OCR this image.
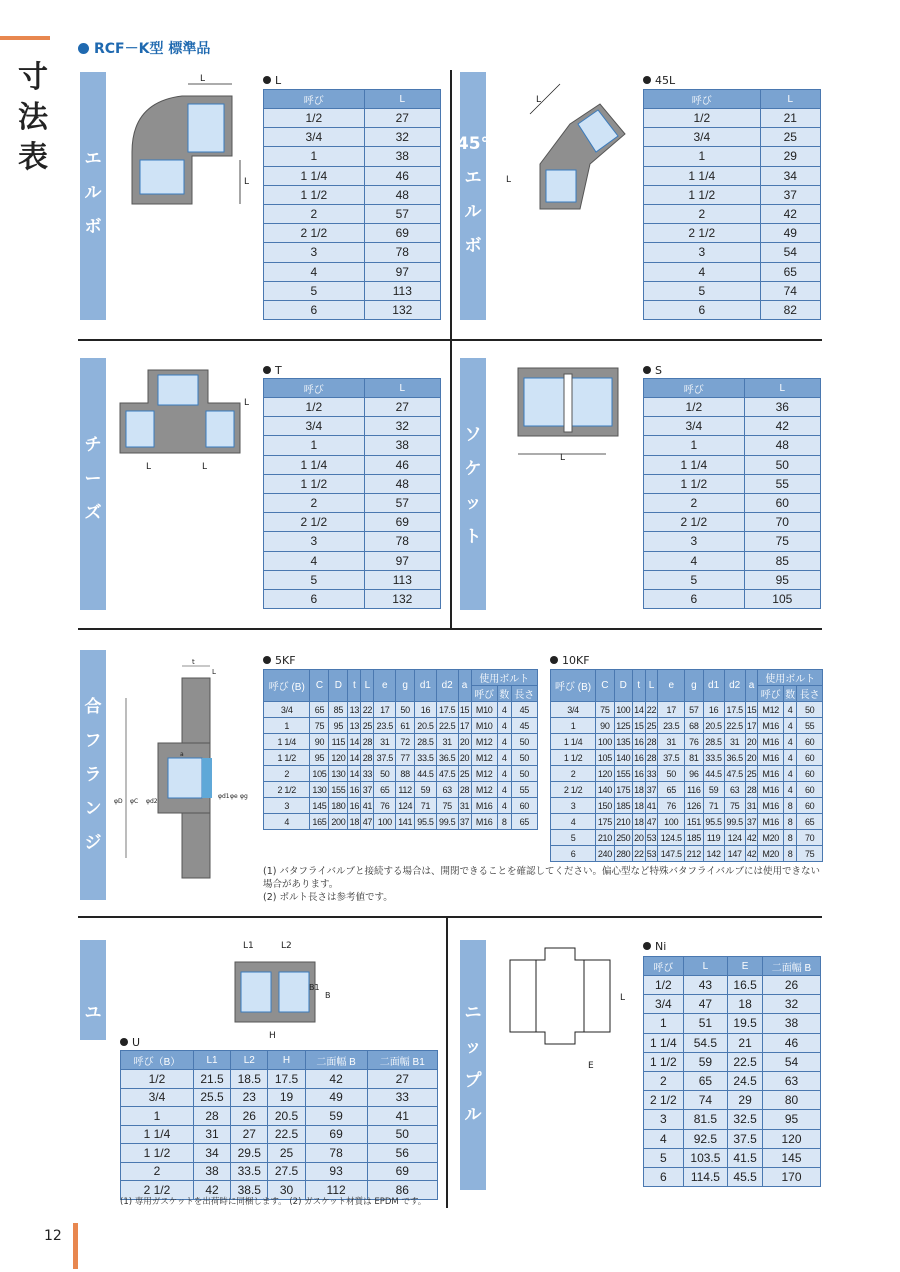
寸法表
RCF－K型 標準品
エ
ル
ボ
45°
エ
ル
ボ
チ
ー
ズ
ソ
ケ
ッ
ト
合
フ
ラ
ン
ジ
ユ
ニ
オ
ン
ニ
ッ
プ
ル
L
L	L
L
L	L
L
L
t
L
φD φC φd2
φd1 φe φg
a
L1	L2
H
B1
B	L
E
L	45L
T	S
5KF	10KF
U
Ni
呼び	L
1/2	27
3/4	32
1	38
1 1/4	46
1 1/2	48
2	57
2 1/2	69
3	78
4	97
5	113
6	132
呼び	L
1/2	21
3/4	25
1	29
1 1/4	34
1 1/2	37
2	42
2 1/2	49
3	54
4	65
5	74
6	82
呼び	L
1/2	27
3/4	32
1	38
1 1/4	46
1 1/2	48
2	57
2 1/2	69
3	78
4	97
5	113
6	132
呼び	L
1/2	36
3/4	42
1	48
1 1/4	50
1 1/2	55
2	60
2 1/2	70
3	75
4	85
5	95
6	105
呼び (B)	C	D	t	L	e	g	d1	d2	a	使用ボルト		
										呼び	数	長さ
3/4	65	85	13	22	17	50	16	17.5	15	M10	4	45
1	75	95	13	25	23.5	61	20.5	22.5	17	M10	4	45
1 1/4	90	115	14	28	31	72	28.5	31	20	M12	4	50
1 1/2	95	120	14	28	37.5	77	33.5	36.5	20	M12	4	50
2	105	130	14	33	50	88	44.5	47.5	25	M12	4	50
2 1/2	130	155	16	37	65	112	59	63	28	M12	4	55
3	145	180	16	41	76	124	71	75	31	M16	4	60
4	165	200	18	47	100	141	95.5	99.5	37	M16	8	65
呼び (B)	C	D	t	L	e	g	d1	d2	a	使用ボルト		
										呼び	数	長さ
3/4	75	100	14	22	17	57	16	17.5	15	M12	4	50
1	90	125	15	25	23.5	68	20.5	22.5	17	M16	4	55
1 1/4	100	135	16	28	31	76	28.5	31	20	M16	4	60
1 1/2	105	140	16	28	37.5	81	33.5	36.5	20	M16	4	60
2	120	155	16	33	50	96	44.5	47.5	25	M16	4	60
2 1/2	140	175	18	37	65	116	59	63	28	M16	4	60
3	150	185	18	41	76	126	71	75	31	M16	8	60
4	175	210	18	47	100	151	95.5	99.5	37	M16	8	65
5	210	250	20	53	124.5	185	119	124	42	M20	8	70
6	240	280	22	53	147.5	212	142	147	42	M20	8	75
呼び（B）	L1	L2	H	二面幅 B	二面幅 B1
1/2	21.5	18.5	17.5	42	27
3/4	25.5	23	19	49	33
1	28	26	20.5	59	41
1 1/4	31	27	22.5	69	50
1 1/2	34	29.5	25	78	56
2	38	33.5	27.5	93	69
2 1/2	42	38.5	30	112	86
呼び	L	E	二面幅 B
1/2	43	16.5	26
3/4	47	18	32
1	51	19.5	38
1 1/4	54.5	21	46
1 1/2	59	22.5	54
2	65	24.5	63
2 1/2	74	29	80
3	81.5	32.5	95
4	92.5	37.5	120
5	103.5	41.5	145
6	114.5	45.5	170
(1) バタフライバルブと接続する場合は、開閉できることを確認してください。偏心型など特殊バタフライバルブには使用できない場合があります。
(2) ボルト長さは参考値です。
(1) 専用ガスケットを出荷時に同梱します。 (2) ガスケット材質は EPDM です。
12
